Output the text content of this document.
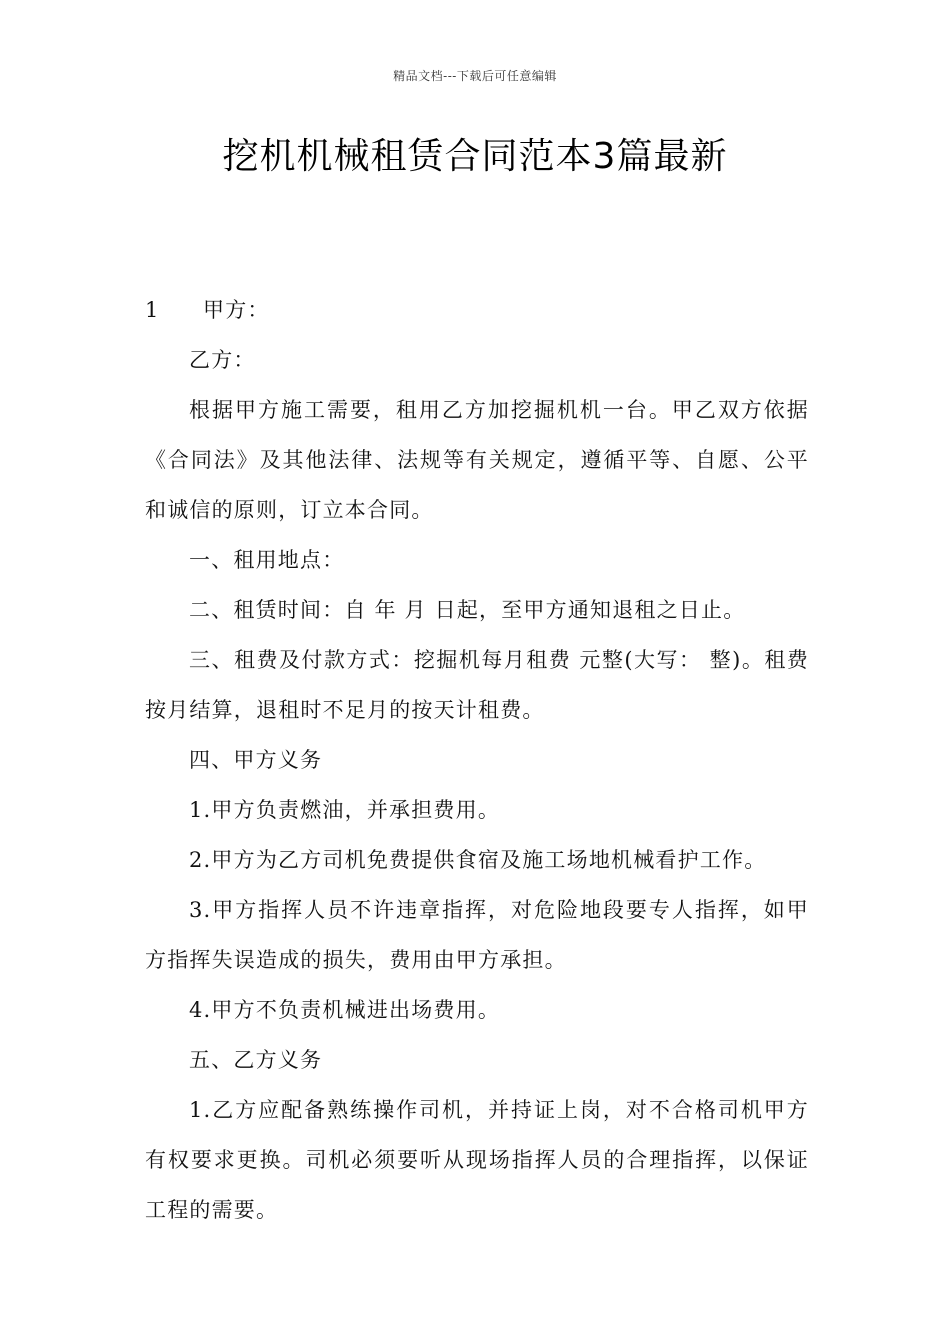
精品文档---下载后可任意编辑
挖机机械租赁合同范本3篇最新

1 甲方：

乙方：

根据甲方施工需要，租用乙方加挖掘机机一台。甲乙双方依据《合同法》及其他法律、法规等有关规定，遵循平等、自愿、公平和诚信的原则，订立本合同。

一、租用地点：

二、租赁时间：自 年 月 日起，至甲方通知退租之日止。

三、租费及付款方式：挖掘机每月租费 元整(大写： 整)。租费按月结算，退租时不足月的按天计租费。

四、甲方义务

1.甲方负责燃油，并承担费用。

2.甲方为乙方司机免费提供食宿及施工场地机械看护工作。

3.甲方指挥人员不许违章指挥，对危险地段要专人指挥，如甲方指挥失误造成的损失，费用由甲方承担。

4.甲方不负责机械进出场费用。

五、乙方义务

1.乙方应配备熟练操作司机，并持证上岗，对不合格司机甲方有权要求更换。司机必须要听从现场指挥人员的合理指挥，以保证工程的需要。
